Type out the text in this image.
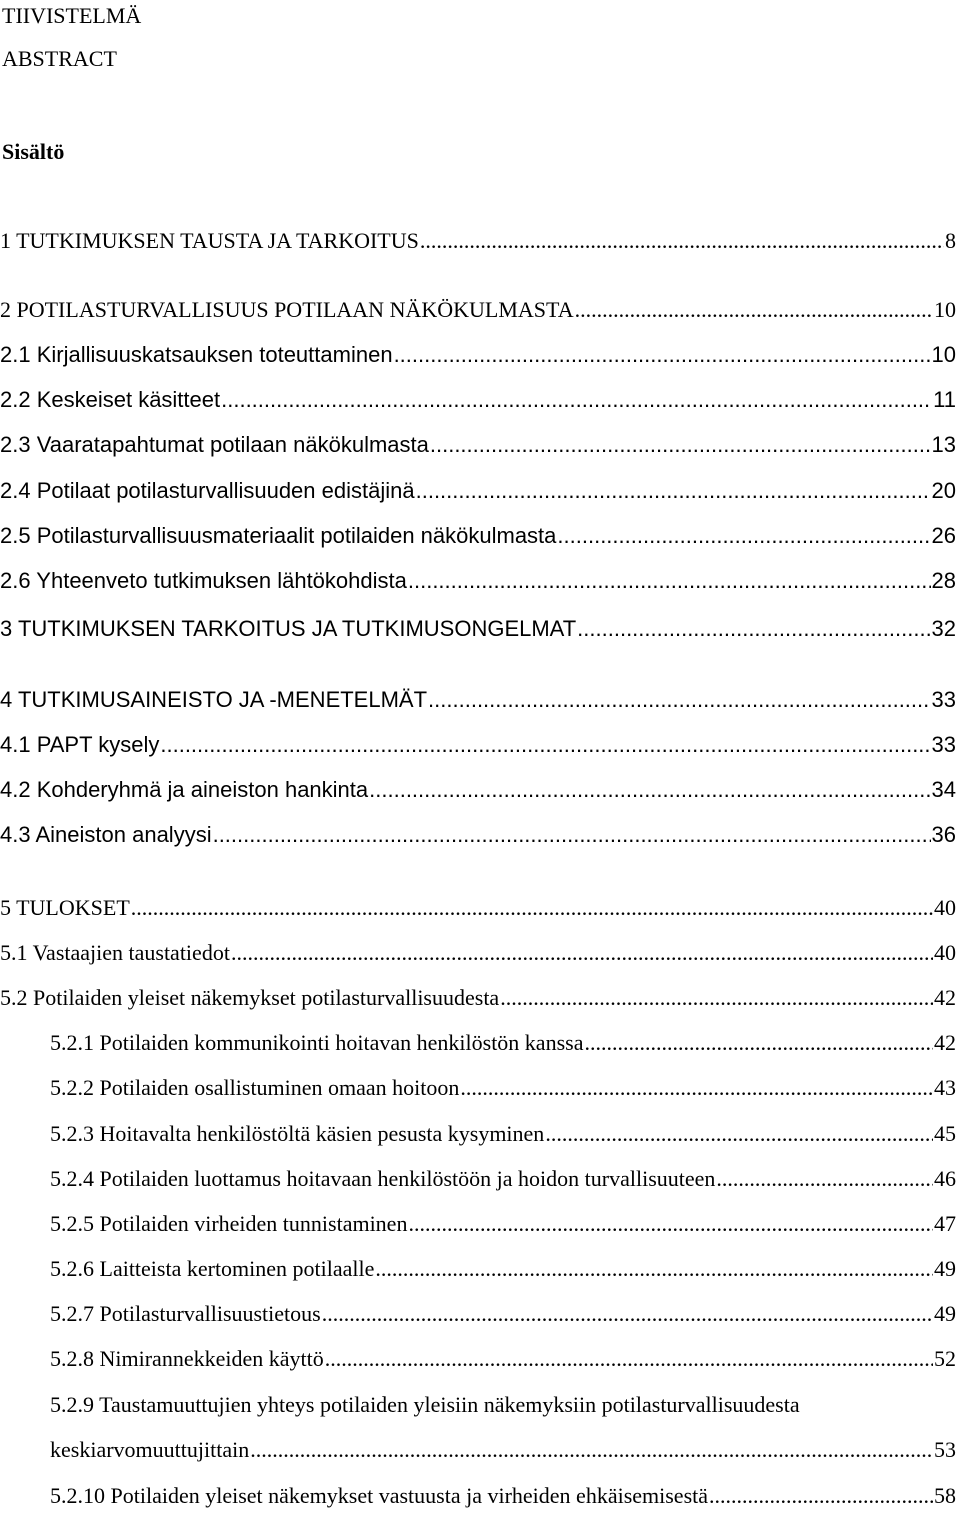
TIIVISTELMÄ
ABSTRACT
Sisältö
1 TUTKIMUKSEN TAUSTA JA TARKOITUS .....	8
2 POTILASTURVALLISUUS POTILAAN NÄKÖKULMASTA .....	10
2.1 Kirjallisuuskatsauksen toteuttaminen .....	10
2.2 Keskeiset käsitteet .....	11
2.3 Vaaratapahtumat potilaan näkökulmasta .....	13
2.4 Potilaat potilasturvallisuuden edistäjinä .....	20
2.5 Potilasturvallisuusmateriaalit potilaiden näkökulmasta .....	26
2.6 Yhteenveto tutkimuksen lähtökohdista .....	28
3 TUTKIMUKSEN TARKOITUS JA TUTKIMUSONGELMAT .....	32
4 TUTKIMUSAINEISTO JA -MENETELMÄT .....	33
4.1 PAPT kysely .....	33
4.2 Kohderyhmä ja aineiston hankinta .....	34
4.3 Aineiston analyysi .....	36
5 TULOKSET .....	40
5.1 Vastaajien taustatiedot .....	40
5.2 Potilaiden yleiset näkemykset potilasturvallisuudesta .....	42
5.2.1 Potilaiden kommunikointi hoitavan henkilöstön kanssa .....	42
5.2.2 Potilaiden osallistuminen omaan hoitoon .....	43
5.2.3 Hoitavalta henkilöstöltä käsien pesusta kysyminen .....	45
5.2.4 Potilaiden luottamus hoitavaan henkilöstöön ja hoidon turvallisuuteen .....	46
5.2.5 Potilaiden virheiden tunnistaminen .....	47
5.2.6 Laitteista kertominen potilaalle .....	49
5.2.7 Potilasturvallisuustietous .....	49
5.2.8 Nimirannekkeiden käyttö .....	52
5.2.9 Taustamuuttujien yhteys potilaiden yleisiin näkemyksiin potilasturvallisuudesta
keskiarvomuuttujittain .....	53
5.2.10 Potilaiden yleiset näkemykset vastuusta ja virheiden ehkäisemisestä .....	58
